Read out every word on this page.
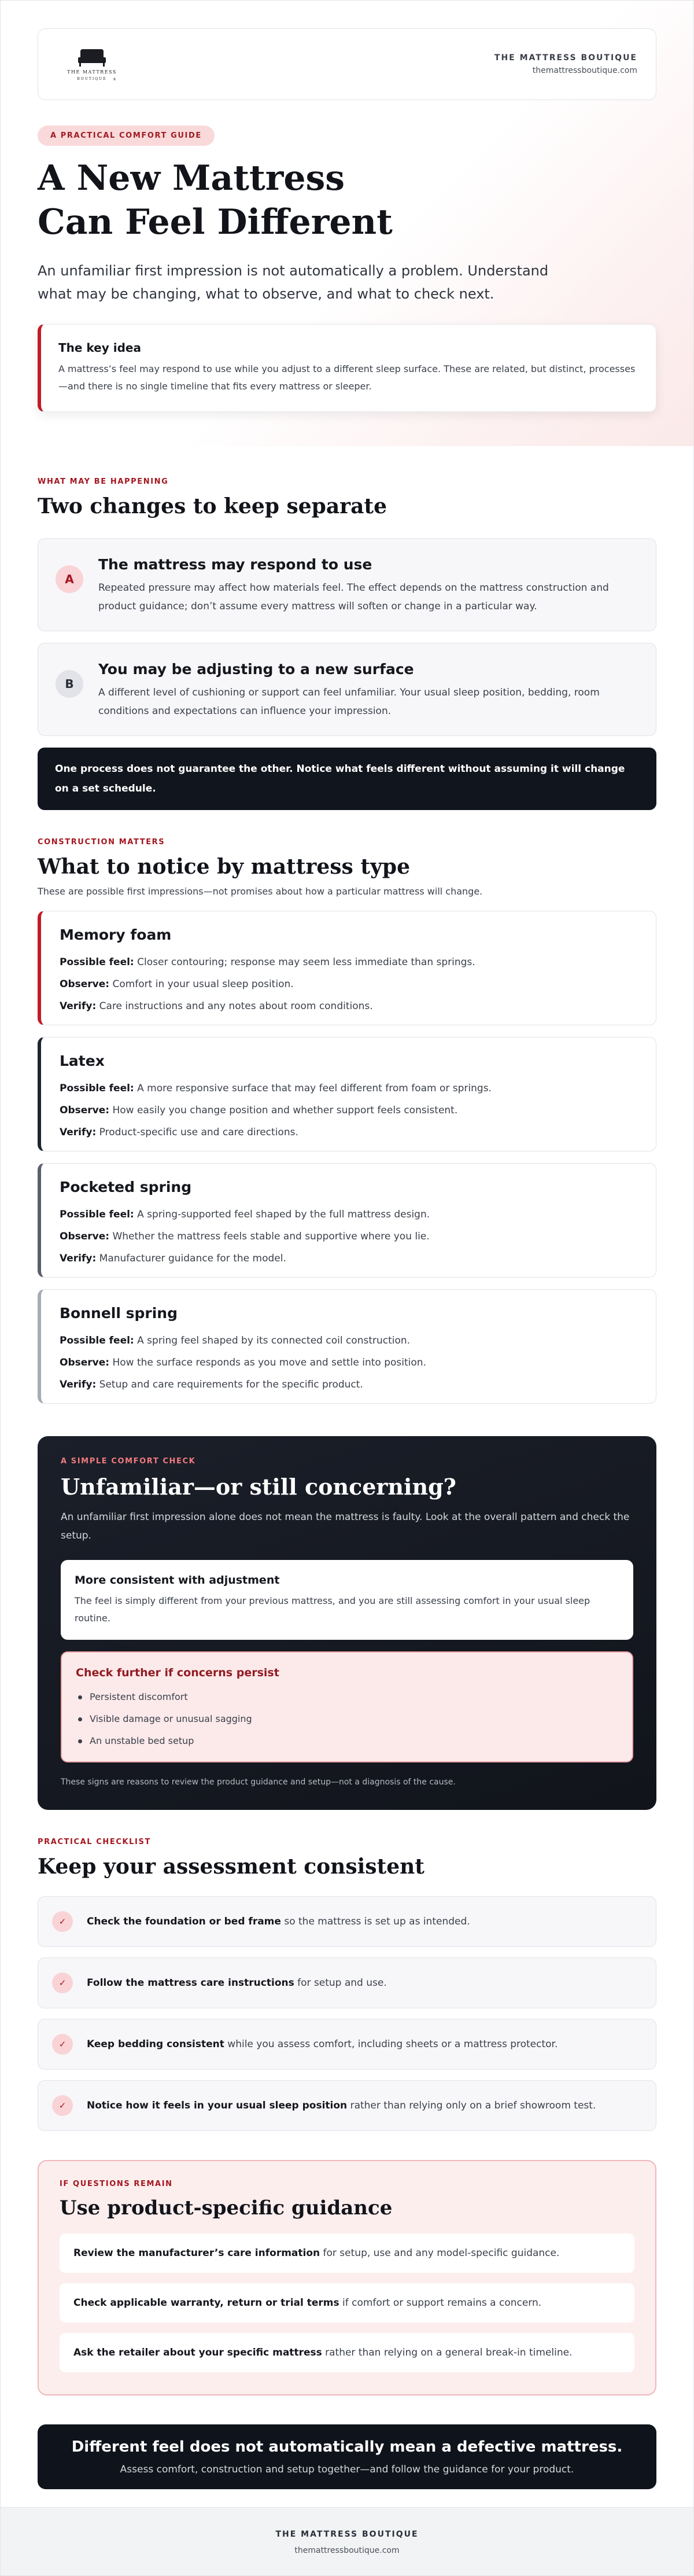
THE MATTRESS
BOUTIQUE ®
THE MATTRESS BOUTIQUE
themattressboutique.com
A PRACTICAL COMFORT GUIDE
A New Mattress
Can Feel Different

An unfamiliar first impression is not automatically a problem. Understand what may be changing, what to observe, and what to check next.

The key idea
A mattress’s feel may respond to use while you adjust to a different sleep surface. These are related, but distinct, processes—and there is no single timeline that fits every mattress or sleeper.
WHAT MAY BE HAPPENING
Two changes to keep separate
A
The mattress may respond to use
Repeated pressure may affect how materials feel. The effect depends on the mattress construction and product guidance; don’t assume every mattress will soften or change in a particular way.
B
You may be adjusting to a new surface
A different level of cushioning or support can feel unfamiliar. Your usual sleep position, bedding, room conditions and expectations can influence your impression.
One process does not guarantee the other. Notice what feels different without assuming it will change on a set schedule.
CONSTRUCTION MATTERS
What to notice by mattress type

These are possible first impressions—not promises about how a particular mattress will change.

Memory foam
Possible feel: Closer contouring; response may seem less immediate than springs.
Observe: Comfort in your usual sleep position.
Verify: Care instructions and any notes about room conditions.
Latex
Possible feel: A more responsive surface that may feel different from foam or springs.
Observe: How easily you change position and whether support feels consistent.
Verify: Product-specific use and care directions.
Pocketed spring
Possible feel: A spring-supported feel shaped by the full mattress design.
Observe: Whether the mattress feels stable and supportive where you lie.
Verify: Manufacturer guidance for the model.
Bonnell spring
Possible feel: A spring feel shaped by its connected coil construction.
Observe: How the surface responds as you move and settle into position.
Verify: Setup and care requirements for the specific product.
A SIMPLE COMFORT CHECK
Unfamiliar—or still concerning?

An unfamiliar first impression alone does not mean the mattress is faulty. Look at the overall pattern and check the setup.

More consistent with adjustment
The feel is simply different from your previous mattress, and you are still assessing comfort in your usual sleep routine.
Check further if concerns persist
Persistent discomfort
Visible damage or unusual sagging
An unstable bed setup

These signs are reasons to review the product guidance and setup—not a diagnosis of the cause.

PRACTICAL CHECKLIST
Keep your assessment consistent
✓	Check the foundation or bed frame so the mattress is set up as intended.
✓	Follow the mattress care instructions for setup and use.
✓	Keep bedding consistent while you assess comfort, including sheets or a mattress protector.
✓	Notice how it feels in your usual sleep position rather than relying only on a brief showroom test.
IF QUESTIONS REMAIN
Use product-specific guidance
Review the manufacturer’s care information for setup, use and any model-specific guidance.
Check applicable warranty, return or trial terms if comfort or support remains a concern.
Ask the retailer about your specific mattress rather than relying on a general break-in timeline.
Different feel does not automatically mean a defective mattress.
Assess comfort, construction and setup together—and follow the guidance for your product.
THE MATTRESS BOUTIQUE
themattressboutique.com
